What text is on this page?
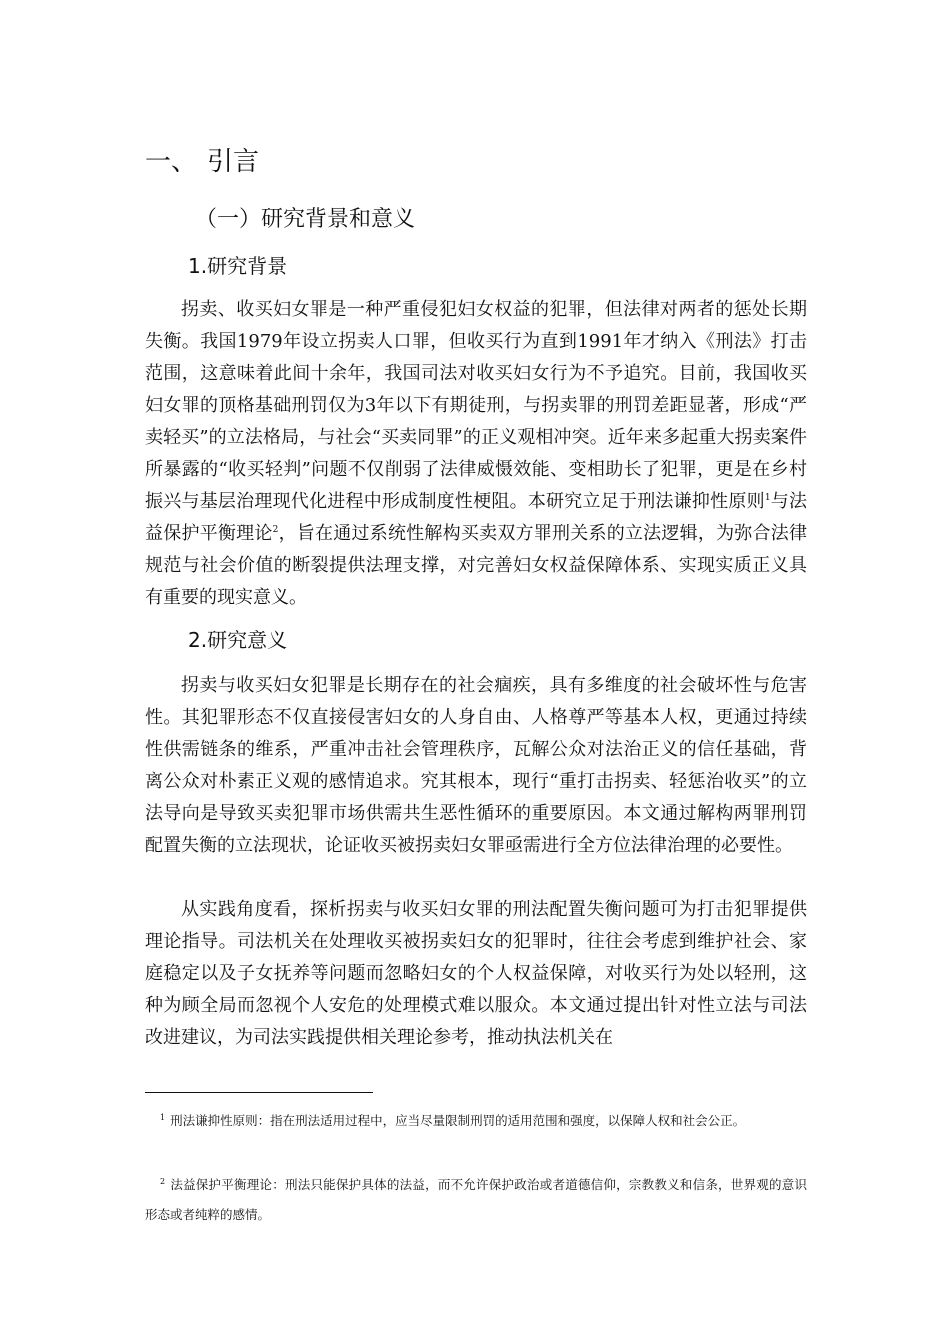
一、 引言
（一）研究背景和意义
1.研究背景

拐卖、收买妇女罪是一种严重侵犯妇女权益的犯罪，但法律对两者的惩处长期失衡。我国1979年设立拐卖人口罪，但收买行为直到1991年才纳入《刑法》打击范围，这意味着此间十余年，我国司法对收买妇女行为不予追究。目前，我国收买妇女罪的顶格基础刑罚仅为3年以下有期徒刑，与拐卖罪的刑罚差距显著，形成“严卖轻买”的立法格局，与社会“买卖同罪”的正义观相冲突。近年来多起重大拐卖案件所暴露的“收买轻判”问题不仅削弱了法律威慑效能、变相助长了犯罪，更是在乡村振兴与基层治理现代化进程中形成制度性梗阻。本研究立足于刑法谦抑性原则$^1$与法益保护平衡理论$^2$，旨在通过系统性解构买卖双方罪刑关系的立法逻辑，为弥合法律规范与社会价值的断裂提供法理支撑，对完善妇女权益保障体系、实现实质正义具有重要的现实意义。

2.研究意义

拐卖与收买妇女犯罪是长期存在的社会痼疾，具有多维度的社会破坏性与危害性。其犯罪形态不仅直接侵害妇女的人身自由、人格尊严等基本人权，更通过持续性供需链条的维系，严重冲击社会管理秩序，瓦解公众对法治正义的信任基础，背离公众对朴素正义观的感情追求。究其根本，现行“重打击拐卖、轻惩治收买”的立法导向是导致买卖犯罪市场供需共生恶性循环的重要原因。本文通过解构两罪刑罚配置失衡的立法现状，论证收买被拐卖妇女罪亟需进行全方位法律治理的必要性。

从实践角度看，探析拐卖与收买妇女罪的刑法配置失衡问题可为打击犯罪提供理论指导。司法机关在处理收买被拐卖妇女的犯罪时，往往会考虑到维护社会、家庭稳定以及子女抚养等问题而忽略妇女的个人权益保障，对收买行为处以轻刑，这种为顾全局而忽视个人安危的处理模式难以服众。本文通过提出针对性立法与司法改进建议，为司法实践提供相关理论参考，推动执法机关在

$^1$ 刑法谦抑性原则：指在刑法适用过程中，应当尽量限制刑罚的适用范围和强度，以保障人权和社会公正。

$^2$ 法益保护平衡理论：刑法只能保护具体的法益，而不允许保护政治或者道德信仰，宗教教义和信条，世界观的意识形态或者纯粹的感情。
